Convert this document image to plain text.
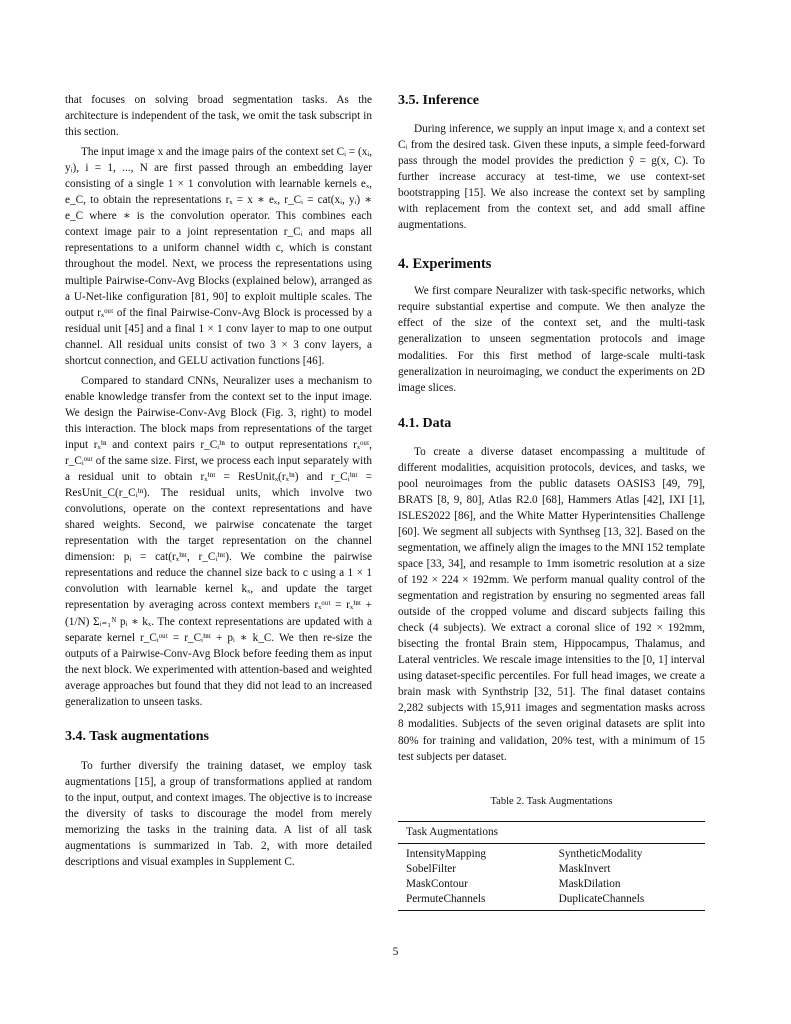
that focuses on solving broad segmentation tasks. As the architecture is independent of the task, we omit the task subscript in this section.

The input image x and the image pairs of the context set Cᵢ = (xᵢ, yᵢ), i = 1, ..., N are first passed through an embedding layer consisting of a single 1 × 1 convolution with learnable kernels eₓ, e_C, to obtain the representations rₓ = x ∗ eₓ, r_Cᵢ = cat(xᵢ, yᵢ) ∗ e_C where ∗ is the convolution operator. This combines each context image pair to a joint representation r_Cᵢ and maps all representations to a uniform channel width c, which is constant throughout the model. Next, we process the representations using multiple Pairwise-Conv-Avg Blocks (explained below), arranged as a U-Net-like configuration [81, 90] to exploit multiple scales. The output rₓᵒᵘᵗ of the final Pairwise-Conv-Avg Block is processed by a residual unit [45] and a final 1 × 1 conv layer to map to one output channel. All residual units consist of two 3 × 3 conv layers, a shortcut connection, and GELU activation functions [46].

Compared to standard CNNs, Neuralizer uses a mechanism to enable knowledge transfer from the context set to the input image. We design the Pairwise-Conv-Avg Block (Fig. 3, right) to model this interaction. The block maps from representations of the target input rₓⁱⁿ and context pairs r_Cᵢⁱⁿ to output representations rₓᵒᵘᵗ, r_Cᵢᵒᵘᵗ of the same size. First, we process each input separately with a residual unit to obtain rₓⁱⁿᵗ = ResUnitₓ(rₓⁱⁿ) and r_Cᵢⁱⁿᵗ = ResUnit_C(r_Cᵢⁱⁿ). The residual units, which involve two convolutions, operate on the context representations and have shared weights. Second, we pairwise concatenate the target representation with the target representation on the channel dimension: pᵢ = cat(rₓⁱⁿᵗ, r_Cᵢⁱⁿᵗ). We combine the pairwise representations and reduce the channel size back to c using a 1 × 1 convolution with learnable kernel kₓ, and update the target representation by averaging across context members rₓᵒᵘᵗ = rₓⁱⁿᵗ + (1/N) Σᵢ₌₁ᴺ pᵢ ∗ kₓ. The context representations are updated with a separate kernel r_Cᵢᵒᵘᵗ = r_Cᵢⁱⁿᵗ + pᵢ ∗ k_C. We then re-size the outputs of a Pairwise-Conv-Avg Block before feeding them as input the next block. We experimented with attention-based and weighted average approaches but found that they did not lead to an increased generalization to unseen tasks.

3.4. Task augmentations

To further diversify the training dataset, we employ task augmentations [15], a group of transformations applied at random to the input, output, and context images. The objective is to increase the diversity of tasks to discourage the model from merely memorizing the tasks in the training data. A list of all task augmentations is summarized in Tab. 2, with more detailed descriptions and visual examples in Supplement C.

3.5. Inference

During inference, we supply an input image xᵢ and a context set Cᵢ from the desired task. Given these inputs, a simple feed-forward pass through the model provides the prediction ŷ = g(x, C). To further increase accuracy at test-time, we use context-set bootstrapping [15]. We also increase the context set by sampling with replacement from the context set, and add small affine augmentations.

4. Experiments

We first compare Neuralizer with task-specific networks, which require substantial expertise and compute. We then analyze the effect of the size of the context set, and the multi-task generalization to unseen segmentation protocols and image modalities. For this first method of large-scale multi-task generalization in neuroimaging, we conduct the experiments on 2D image slices.

4.1. Data

To create a diverse dataset encompassing a multitude of different modalities, acquisition protocols, devices, and tasks, we pool neuroimages from the public datasets OASIS3 [49, 79], BRATS [8, 9, 80], Atlas R2.0 [68], Hammers Atlas [42], IXI [1], ISLES2022 [86], and the White Matter Hyperintensities Challenge [60]. We segment all subjects with Synthseg [13, 32]. Based on the segmentation, we affinely align the images to the MNI 152 template space [33, 34], and resample to 1mm isometric resolution at a size of 192 × 224 × 192mm. We perform manual quality control of the segmentation and registration by ensuring no segmented areas fall outside of the cropped volume and discard subjects failing this check (4 subjects). We extract a coronal slice of 192 × 192mm, bisecting the frontal Brain stem, Hippocampus, Thalamus, and Lateral ventricles. We rescale image intensities to the [0, 1] interval using dataset-specific percentiles. For full head images, we create a brain mask with Synthstrip [32, 51]. The final dataset contains 2,282 subjects with 15,911 images and segmentation masks across 8 modalities. Subjects of the seven original datasets are split into 80% for training and validation, 20% test, with a minimum of 15 test subjects per dataset.

Table 2. Task Augmentations

Task Augmentations	
IntensityMapping	SyntheticModality
SobelFilter	MaskInvert
MaskContour	MaskDilation
PermuteChannels	DuplicateChannels
5
